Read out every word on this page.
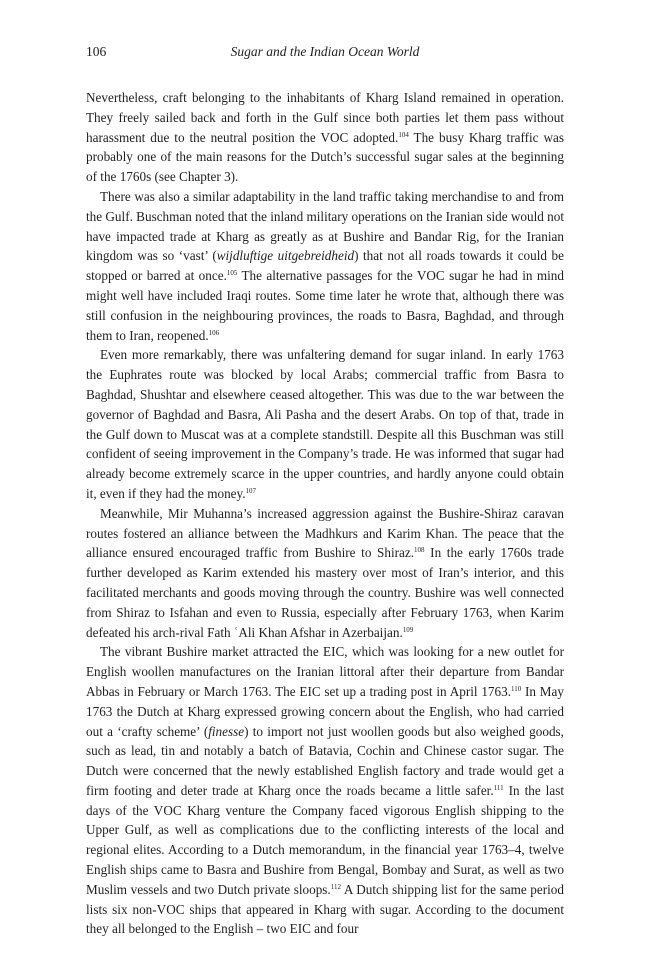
106	Sugar and the Indian Ocean World

Nevertheless, craft belonging to the inhabitants of Kharg Island remained in operation. They freely sailed back and forth in the Gulf since both parties let them pass without harassment due to the neutral position the VOC adopted.$^{104}$ The busy Kharg traffic was probably one of the main reasons for the Dutch’s successful sugar sales at the beginning of the 1760s (see Chapter 3).

There was also a similar adaptability in the land traffic taking merchandise to and from the Gulf. Buschman noted that the inland military operations on the Iranian side would not have impacted trade at Kharg as greatly as at Bushire and Bandar Rig, for the Iranian kingdom was so ‘vast’ (wijdluftige uitgebreidheid) that not all roads towards it could be stopped or barred at once.$^{105}$ The alternative passages for the VOC sugar he had in mind might well have included Iraqi routes. Some time later he wrote that, although there was still confusion in the neighbouring provinces, the roads to Basra, Baghdad, and through them to Iran, reopened.$^{106}$

Even more remarkably, there was unfaltering demand for sugar inland. In early 1763 the Euphrates route was blocked by local Arabs; commercial traffic from Basra to Baghdad, Shushtar and elsewhere ceased altogether. This was due to the war between the governor of Baghdad and Basra, Ali Pasha and the desert Arabs. On top of that, trade in the Gulf down to Muscat was at a complete standstill. Despite all this Buschman was still confident of seeing improvement in the Company’s trade. He was informed that sugar had already become extremely scarce in the upper countries, and hardly anyone could obtain it, even if they had the money.$^{107}$

Meanwhile, Mir Muhanna’s increased aggression against the Bushire-Shiraz caravan routes fostered an alliance between the Madhkurs and Karim Khan. The peace that the alliance ensured encouraged traffic from Bushire to Shiraz.$^{108}$ In the early 1760s trade further developed as Karim extended his mastery over most of Iran’s interior, and this facilitated merchants and goods moving through the country. Bushire was well connected from Shiraz to Isfahan and even to Russia, especially after February 1763, when Karim defeated his arch-rival Fath ʿAli Khan Afshar in Azerbaijan.$^{109}$

The vibrant Bushire market attracted the EIC, which was looking for a new outlet for English woollen manufactures on the Iranian littoral after their departure from Bandar Abbas in February or March 1763. The EIC set up a trading post in April 1763.$^{110}$ In May 1763 the Dutch at Kharg expressed growing concern about the English, who had carried out a ‘crafty scheme’ (finesse) to import not just woollen goods but also weighed goods, such as lead, tin and notably a batch of Batavia, Cochin and Chinese castor sugar. The Dutch were concerned that the newly established English factory and trade would get a firm footing and deter trade at Kharg once the roads became a little safer.$^{111}$ In the last days of the VOC Kharg venture the Company faced vigorous English shipping to the Upper Gulf, as well as complications due to the conflicting interests of the local and regional elites. According to a Dutch memorandum, in the financial year 1763–4, twelve English ships came to Basra and Bushire from Bengal, Bombay and Surat, as well as two Muslim vessels and two Dutch private sloops.$^{112}$ A Dutch shipping list for the same period lists six non-VOC ships that appeared in Kharg with sugar. According to the document they all belonged to the English – two EIC and four
